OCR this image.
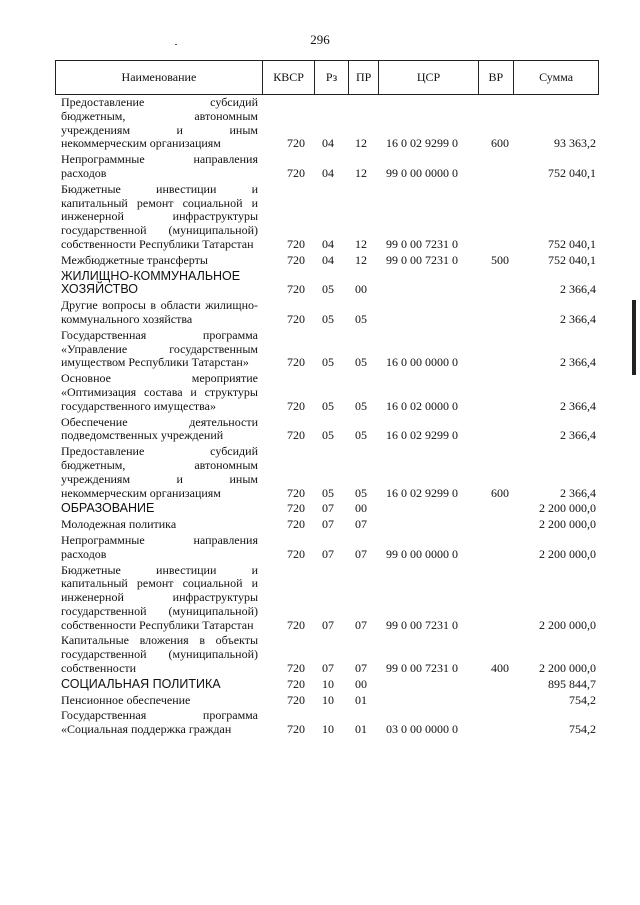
296
Наименование	КВСР	Рз	ПР	ЦСР	ВР	Сумма
Предоставление субсидий бюджетным, автономным учреждениям и иным некоммерческим организациям	720	04	12	16 0 02 9299 0	600	93 363,2
Непрограммные направления расходов	720	04	12	99 0 00 0000 0		752 040,1
Бюджетные инвестиции и капитальный ремонт социальной и инженерной инфраструктуры государственной (муниципальной) собственности Республики Татарстан	720	04	12	99 0 00 7231 0		752 040,1
Межбюджетные трансферты	720	04	12	99 0 00 7231 0	500	752 040,1
ЖИЛИЩНО-КОММУНАЛЬНОЕ ХОЗЯЙСТВО	720	05	00			2 366,4
Другие вопросы в области жилищно-коммунального хозяйства	720	05	05			2 366,4
Государственная программа «Управление государственным имуществом Республики Татарстан»	720	05	05	16 0 00 0000 0		2 366,4
Основное мероприятие «Оптимизация состава и структуры государственного имущества»	720	05	05	16 0 02 0000 0		2 366,4
Обеспечение деятельности подведомственных учреждений	720	05	05	16 0 02 9299 0		2 366,4
Предоставление субсидий бюджетным, автономным учреждениям и иным некоммерческим организациям	720	05	05	16 0 02 9299 0	600	2 366,4
ОБРАЗОВАНИЕ	720	07	00			2 200 000,0
Молодежная политика	720	07	07			2 200 000,0
Непрограммные направления расходов	720	07	07	99 0 00 0000 0		2 200 000,0
Бюджетные инвестиции и капитальный ремонт социальной и инженерной инфраструктуры государственной (муниципальной) собственности Республики Татарстан	720	07	07	99 0 00 7231 0		2 200 000,0
Капитальные вложения в объекты государственной (муниципальной) собственности	720	07	07	99 0 00 7231 0	400	2 200 000,0
СОЦИАЛЬНАЯ ПОЛИТИКА	720	10	00			895 844,7
Пенсионное обеспечение	720	10	01			754,2
Государственная программа «Социальная поддержка граждан	720	10	01	03 0 00 0000 0		754,2
